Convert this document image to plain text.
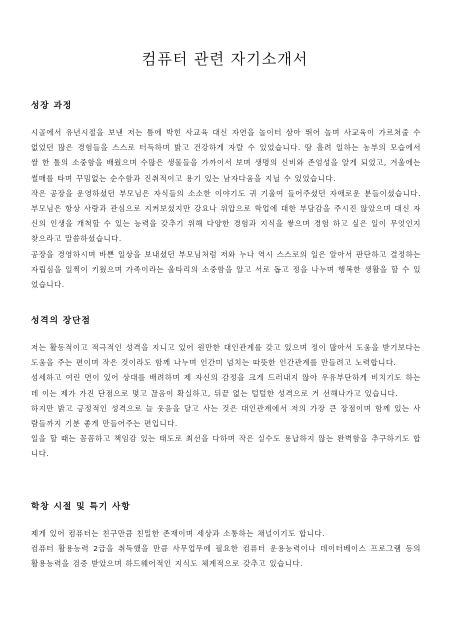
컴퓨터 관련 자기소개서
성장 과정

시골에서 유년시절을 보낸 저는 틈에 박힌 사교육 대신 자연을 놀이터 삼아 뛰어 놀며 사교육이 가르쳐줄 수 없었던 많은 경험들을 스스로 터득하며 밝고 건강하게 자랄 수 있었습니다. 땀 흘려 일하는 농부의 모습에서 쌀 한 톨의 소중함을 배웠으며 수많은 생물들을 가까이서 보며 생명의 신비와 존엄성을 알게 되었고, 겨울에는 썰매를 타며 꾸밈없는 순수함과 진취적이고 용기 있는 남자다움을 지닐 수 있었습니다.

작은 공장을 운영하셨던 부모님은 자식들의 소소한 이야기도 귀 기울여 들어주셨던 자애로운 분들이셨습니다. 부모님은 항상 사랑과 관심으로 지켜보셨지만 강요나 위압으로 학업에 대한 부담감을 주시진 않았으며 대신 자신의 인생을 개척할 수 있는 능력을 갖추기 위해 다양한 경험과 지식을 쌓으며 경험 하고 싶은 일이 무엇인지 찾으라고 말씀하셨습니다.

공장을 경영하시며 바쁜 일상을 보내셨던 부모님처럼 저와 누나 역시 스스로의 일은 알아서 판단하고 결정하는 자립심을 일찍이 키웠으며 가족이라는 울타리의 소중함을 알고 서로 돕고 정을 나누며 행복한 생활을 할 수 있었습니다.

성격의 장단점

저는 활동적이고 적극적인 성격을 지니고 있어 원만한 대인관계를 갖고 있으며 정이 많아서 도움을 받기보다는 도움을 주는 편이며 작은 것이라도 함께 나누며 인간미 넘치는 따뜻한 인간관계를 만들려고 노력합니다.

섬세하고 여린 면이 있어 상대를 배려하며 제 자신의 감정을 크게 드러내지 않아 우유부단하게 비치기도 하는데 이는 제가 가진 단점으로 몇고 끊음이 확실하고, 뒤끝 없는 털털한 성격으로 거 선해나가고 있습니다.

하지만 밝고 긍정적인 성격으로 늘 웃음을 달고 사는 것은 대인관계에서 저의 가장 큰 장점이며 함께 있는 사람들까지 기분 좋게 만들어주는 편입니다.

일을 할 때는 꼼꼼하고 책임감 있는 태도로 최선을 다하며 작은 실수도 용납하지 않는 완벽함을 추구하기도 합니다.

학창 시절 및 특기 사항

제게 있어 컴퓨터는 친구만큼 친밀한 존재이며 세상과 소통하는 채널이기도 합니다.

컴퓨터 활용능력 2급을 취득했을 만큼 사무업무에 필요한 컴퓨터 운용능력이나 데이터베이스 프로그램 등의 활용능력을 검증 받았으며 하드웨어적인 지식도 체계적으로 갖추고 있습니다.
